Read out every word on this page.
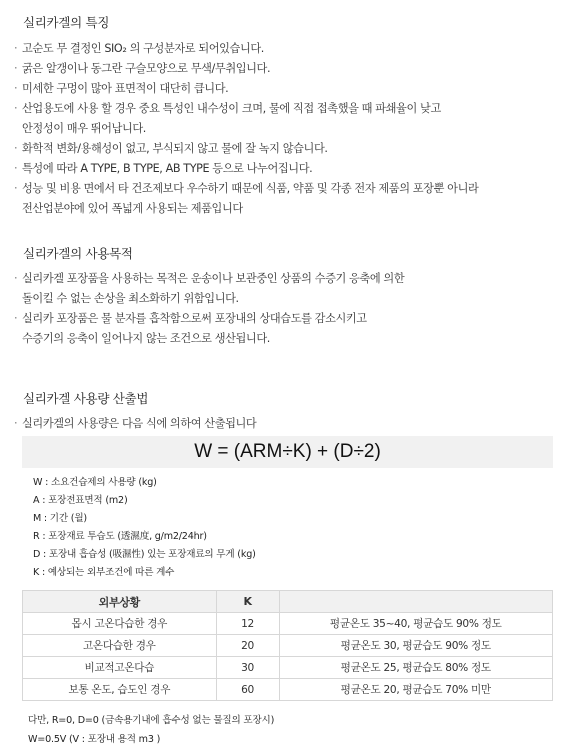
실리카겔의 특징
· 고순도 무 결정인 SIO₂ 의 구성분자로 되어있습니다.
· 굵은 알갱이나 동그란 구슬모양으로 무색/무취입니다.
· 미세한 구멍이 많아 표면적이 대단히 큽니다.
· 산업용도에 사용 할 경우 중요 특성인 내수성이 크며, 물에 직접 접촉했을 때 파쇄율이 낮고
안정성이 매우 뛰어납니다.
· 화학적 변화/용해성이 없고, 부식되지 않고 물에 잘 녹지 않습니다.
· 특성에 따라 A TYPE, B TYPE, AB TYPE 등으로 나누어집니다.
· 성능 및 비용 면에서 타 건조제보다 우수하기 때문에 식품, 약품 및 각종 전자 제품의 포장뿐 아니라
전산업분야에 있어 폭넓게 사용되는 제품입니다
실리카겔의 사용목적
· 실리카겔 포장품을 사용하는 목적은 운송이나 보관중인 상품의 수증기 응축에 의한
돌이킬 수 없는 손상을 최소화하기 위함입니다.
· 실리카 포장품은 물 분자를 흡착함으로써 포장내의 상대습도를 감소시키고
수증기의 응축이 일어나지 않는 조건으로 생산됩니다.
실리카겔 사용량 산출법
· 실리카겔의 사용량은 다음 식에 의하여 산출됩니다
W = (ARM÷K) + (D÷2)
W : 소요건습제의 사용량 (kg)
A : 포장전표면적 (m2)
M : 기간 (월)
R : 포장재료 투습도 (透濕度, g/m2/24hr)
D : 포장내 흡습성 (吸濕性) 있는 포장재료의 무게 (kg)
K : 예상되는 외부조건에 따른 계수
외부상황	K	
몹시 고온다습한 경우	12	평균온도 35~40, 평균습도 90% 정도
고온다습한 경우	20	평균온도 30, 평균습도 90% 정도
비교적고온다습	30	평균온도 25, 평균습도 80% 정도
보통 온도, 습도인 경우	60	평균온도 20, 평균습도 70% 미만
다만, R=0, D=0 (금속용기내에 흡수성 없는 물질의 포장시)
W=0.5V (V : 포장내 용적 m3 )
